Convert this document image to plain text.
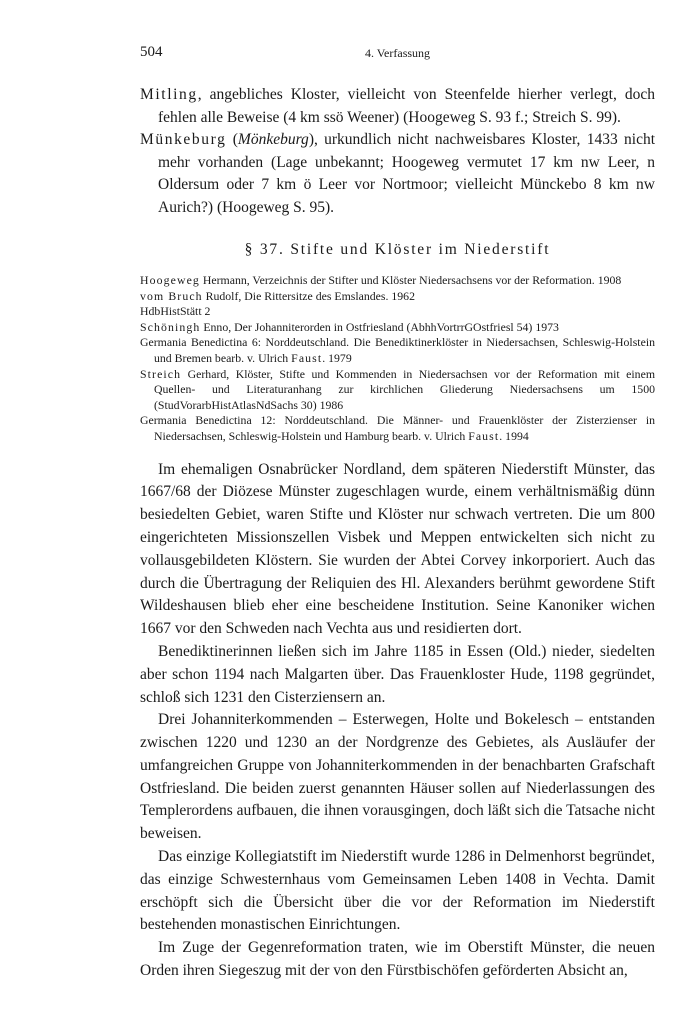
504	4. Verfassung

Mitling, angebliches Kloster, vielleicht von Steenfelde hierher verlegt, doch fehlen alle Beweise (4 km ssö Weener) (Hoogeweg S. 93 f.; Streich S. 99).

Münkeburg (Mönkeburg), urkundlich nicht nachweisbares Kloster, 1433 nicht mehr vorhanden (Lage unbekannt; Hoogeweg vermutet 17 km nw Leer, n Oldersum oder 7 km ö Leer vor Nortmoor; vielleicht Münckebo 8 km nw Aurich?) (Hoogeweg S. 95).

§ 37. Stifte und Klöster im Niederstift
Hoogeweg Hermann, Verzeichnis der Stifter und Klöster Niedersachsens vor der Reformation. 1908
vom Bruch Rudolf, Die Rittersitze des Emslandes. 1962
HdbHistStätt 2
Schöningh Enno, Der Johanniterorden in Ostfriesland (AbhhVortrrGOstfriesl 54) 1973
Germania Benedictina 6: Norddeutschland. Die Benediktinerklöster in Niedersachsen, Schleswig-Holstein und Bremen bearb. v. Ulrich Faust. 1979
Streich Gerhard, Klöster, Stifte und Kommenden in Niedersachsen vor der Reformation mit einem Quellen- und Literaturanhang zur kirchlichen Gliederung Niedersachsens um 1500 (StudVorarbHistAtlasNdSachs 30) 1986
Germania Benedictina 12: Norddeutschland. Die Männer- und Frauenklöster der Zisterzienser in Niedersachsen, Schleswig-Holstein und Hamburg bearb. v. Ulrich Faust. 1994

Im ehemaligen Osnabrücker Nordland, dem späteren Niederstift Münster, das 1667/68 der Diözese Münster zugeschlagen wurde, einem verhältnismäßig dünn besiedelten Gebiet, waren Stifte und Klöster nur schwach vertreten. Die um 800 eingerichteten Missionszellen Visbek und Meppen entwickelten sich nicht zu vollausgebildeten Klöstern. Sie wurden der Abtei Corvey inkorporiert. Auch das durch die Übertragung der Reliquien des Hl. Alexanders berühmt gewordene Stift Wildeshausen blieb eher eine bescheidene Institution. Seine Kanoniker wichen 1667 vor den Schweden nach Vechta aus und residierten dort.

Benediktinerinnen ließen sich im Jahre 1185 in Essen (Old.) nieder, siedelten aber schon 1194 nach Malgarten über. Das Frauenkloster Hude, 1198 gegründet, schloß sich 1231 den Cisterziensern an.

Drei Johanniterkommenden – Esterwegen, Holte und Bokelesch – entstanden zwischen 1220 und 1230 an der Nordgrenze des Gebietes, als Ausläufer der umfangreichen Gruppe von Johanniterkommenden in der benachbarten Grafschaft Ostfriesland. Die beiden zuerst genannten Häuser sollen auf Niederlassungen des Templerordens aufbauen, die ihnen vorausgingen, doch läßt sich die Tatsache nicht beweisen.

Das einzige Kollegiatstift im Niederstift wurde 1286 in Delmenhorst begründet, das einzige Schwesternhaus vom Gemeinsamen Leben 1408 in Vechta. Damit erschöpft sich die Übersicht über die vor der Reformation im Niederstift bestehenden monastischen Einrichtungen.

Im Zuge der Gegenreformation traten, wie im Oberstift Münster, die neuen Orden ihren Siegeszug mit der von den Fürstbischöfen geförderten Absicht an,
